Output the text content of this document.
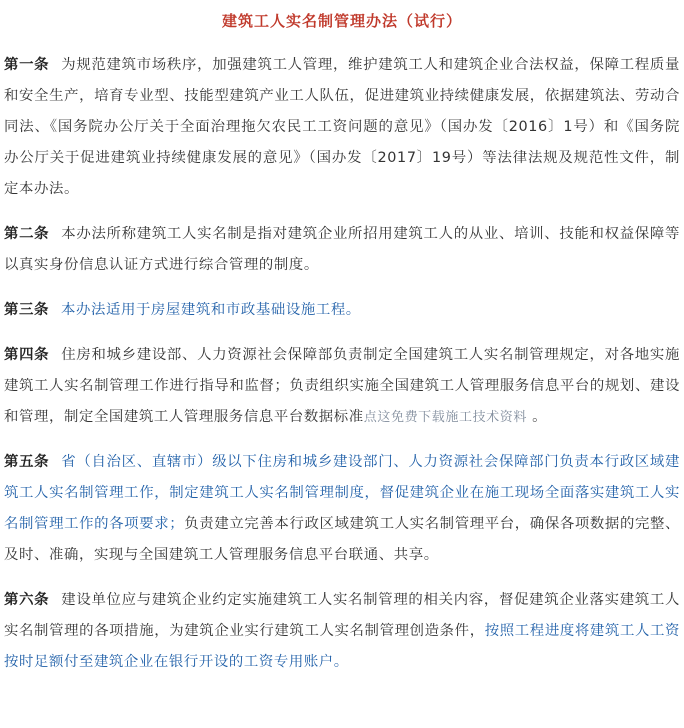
建筑工人实名制管理办法（试行）

第一条 为规范建筑市场秩序，加强建筑工人管理，维护建筑工人和建筑企业合法权益，保障工程质量和安全生产，培育专业型、技能型建筑产业工人队伍，促进建筑业持续健康发展，依据建筑法、劳动合同法、《国务院办公厅关于全面治理拖欠农民工工资问题的意见》（国办发〔2016〕1号）和《国务院办公厅关于促进建筑业持续健康发展的意见》（国办发〔2017〕19号）等法律法规及规范性文件，制定本办法。

第二条 本办法所称建筑工人实名制是指对建筑企业所招用建筑工人的从业、培训、技能和权益保障等以真实身份信息认证方式进行综合管理的制度。

第三条 本办法适用于房屋建筑和市政基础设施工程。

第四条 住房和城乡建设部、人力资源社会保障部负责制定全国建筑工人实名制管理规定，对各地实施建筑工人实名制管理工作进行指导和监督；负责组织实施全国建筑工人管理服务信息平台的规划、建设和管理，制定全国建筑工人管理服务信息平台数据标准点这免费下载施工技术资料 。

第五条 省（自治区、直辖市）级以下住房和城乡建设部门、人力资源社会保障部门负责本行政区域建筑工人实名制管理工作，制定建筑工人实名制管理制度，督促建筑企业在施工现场全面落实建筑工人实名制管理工作的各项要求；负责建立完善本行政区域建筑工人实名制管理平台，确保各项数据的完整、及时、准确，实现与全国建筑工人管理服务信息平台联通、共享。

第六条 建设单位应与建筑企业约定实施建筑工人实名制管理的相关内容，督促建筑企业落实建筑工人实名制管理的各项措施，为建筑企业实行建筑工人实名制管理创造条件，按照工程进度将建筑工人工资按时足额付至建筑企业在银行开设的工资专用账户。
